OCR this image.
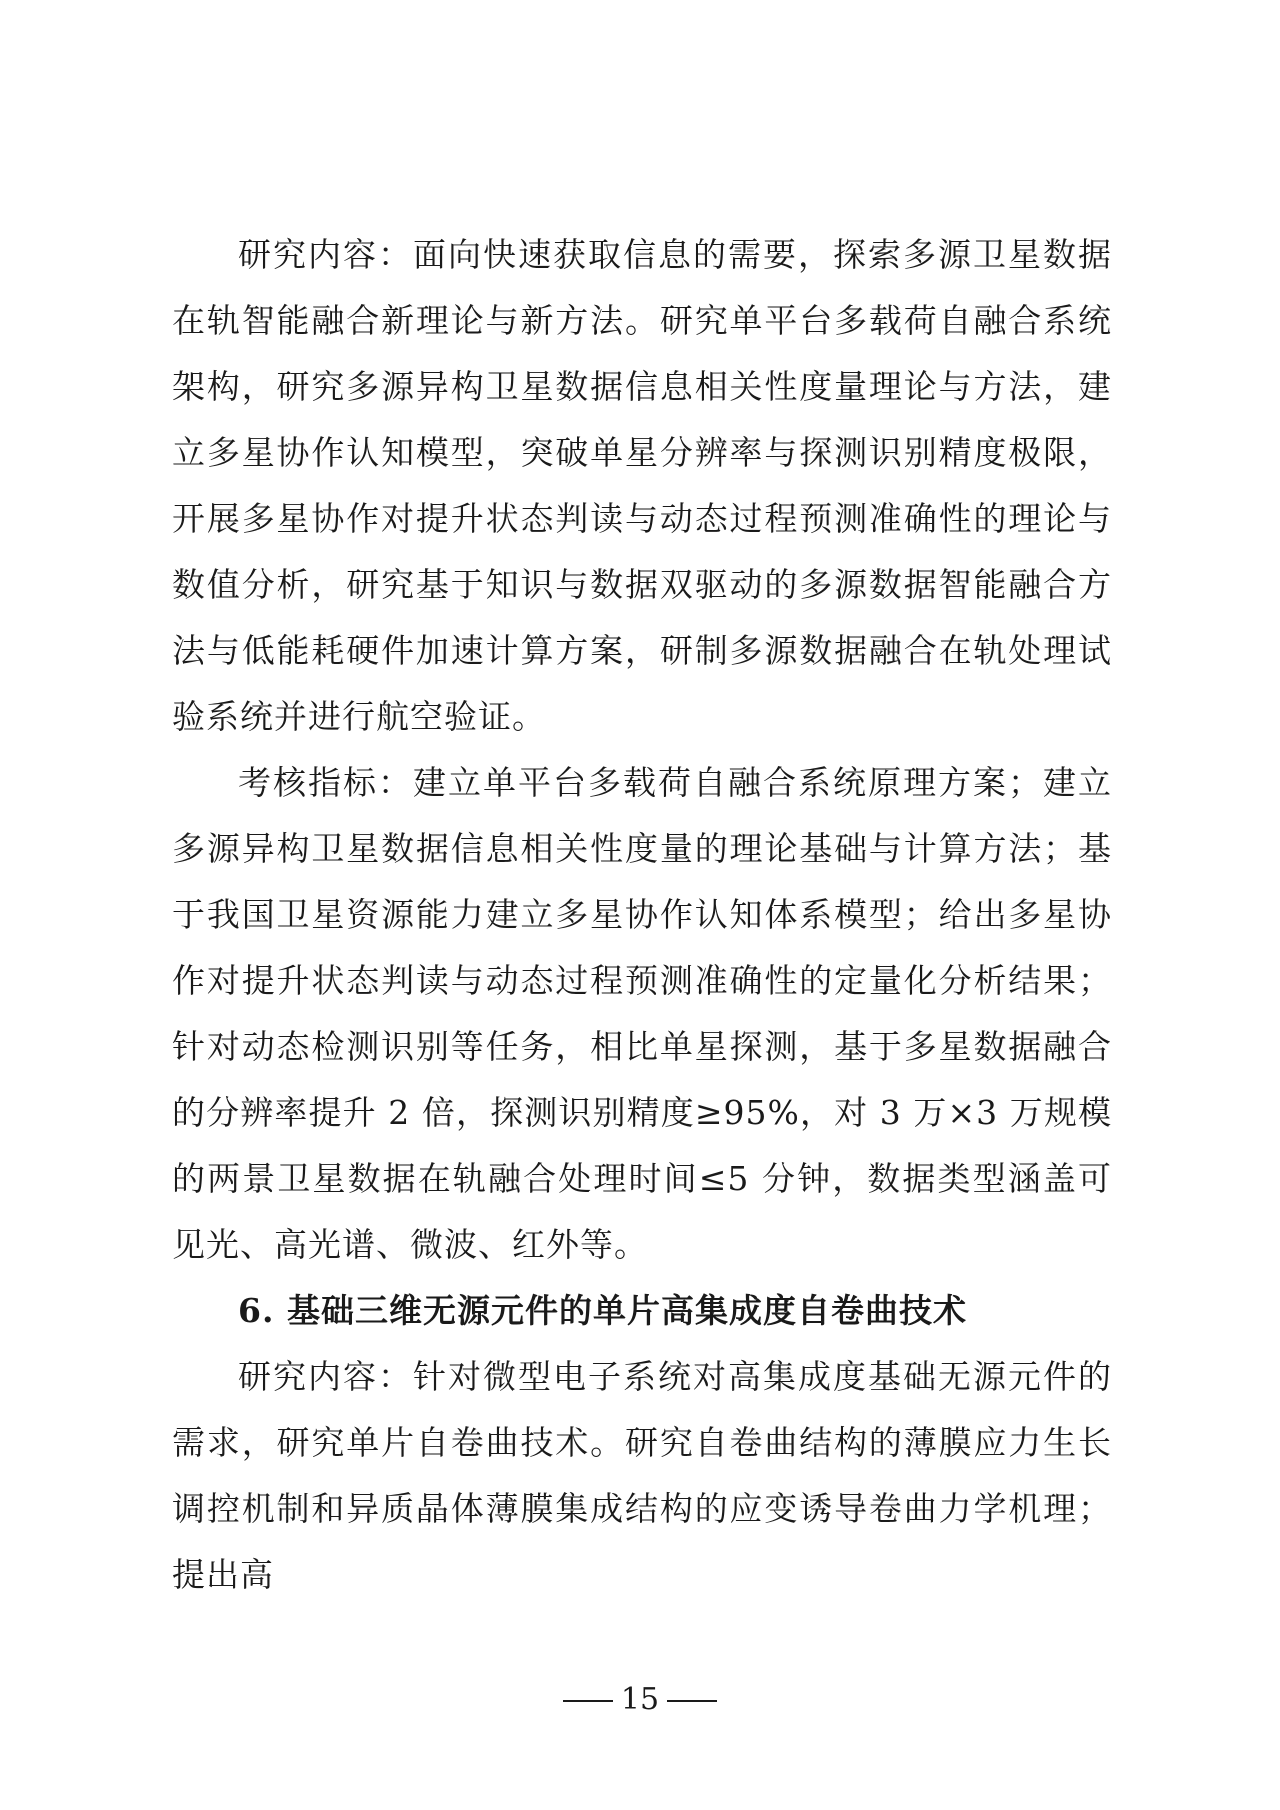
研究内容：面向快速获取信息的需要，探索多源卫星数据在轨智能融合新理论与新方法。研究单平台多载荷自融合系统架构，研究多源异构卫星数据信息相关性度量理论与方法，建立多星协作认知模型，突破单星分辨率与探测识别精度极限，开展多星协作对提升状态判读与动态过程预测准确性的理论与数值分析，研究基于知识与数据双驱动的多源数据智能融合方法与低能耗硬件加速计算方案，研制多源数据融合在轨处理试验系统并进行航空验证。

考核指标：建立单平台多载荷自融合系统原理方案；建立多源异构卫星数据信息相关性度量的理论基础与计算方法；基于我国卫星资源能力建立多星协作认知体系模型；给出多星协作对提升状态判读与动态过程预测准确性的定量化分析结果；针对动态检测识别等任务，相比单星探测，基于多星数据融合的分辨率提升 2 倍，探测识别精度≥95%，对 3 万×3 万规模的两景卫星数据在轨融合处理时间≤5 分钟，数据类型涵盖可见光、高光谱、微波、红外等。

6. 基础三维无源元件的单片高集成度自卷曲技术

研究内容：针对微型电子系统对高集成度基础无源元件的需求，研究单片自卷曲技术。研究自卷曲结构的薄膜应力生长调控机制和异质晶体薄膜集成结构的应变诱导卷曲力学机理；提出高

15
